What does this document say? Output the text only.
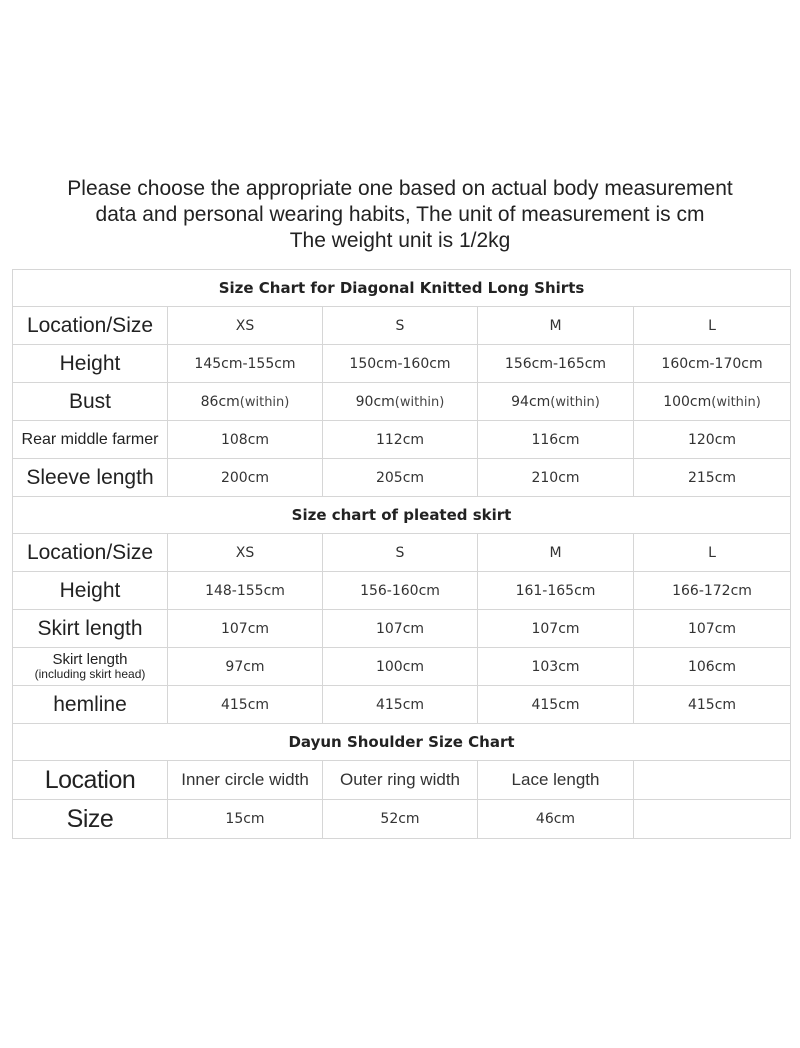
Please choose the appropriate one based on actual body measurement
data and personal wearing habits, The unit of measurement is cm
The weight unit is 1/2kg
Size Chart for Diagonal Knitted Long Shirts				
Location/Size	XS	S	M	L
Height	145cm-155cm	150cm-160cm	156cm-165cm	160cm-170cm
Bust	86cm(within)	90cm(within)	94cm(within)	100cm(within)
Rear middle farmer	108cm	112cm	116cm	120cm
Sleeve length	200cm	205cm	210cm	215cm
Size chart of pleated skirt				
Location/Size	XS	S	M	L
Height	148-155cm	156-160cm	161-165cm	166-172cm
Skirt length	107cm	107cm	107cm	107cm

Skirt length
(including skirt head)	97cm	100cm	103cm	106cm
hemline	415cm	415cm	415cm	415cm
Dayun Shoulder Size Chart				
Location	Inner circle width	Outer ring width	Lace length	
Size	15cm	52cm	46cm	
